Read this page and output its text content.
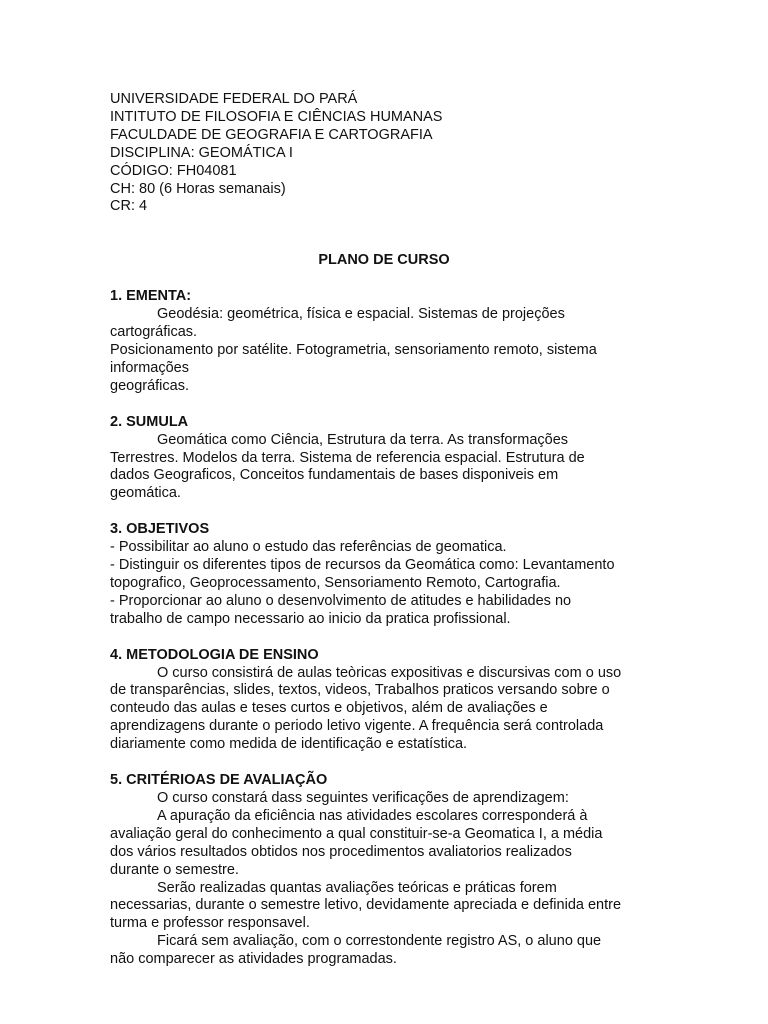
UNIVERSIDADE FEDERAL DO PARÁ
INTITUTO DE FILOSOFIA E CIÊNCIAS HUMANAS
FACULDADE DE GEOGRAFIA E CARTOGRAFIA
DISCIPLINA: GEOMÁTICA I
CÓDIGO: FH04081
CH: 80 (6 Horas semanais)
CR: 4
PLANO DE CURSO
1. EMENTA:
Geodésia: geométrica, física e espacial. Sistemas de projeções
cartográficas.
Posicionamento por satélite. Fotogrametria, sensoriamento remoto, sistema
informações
geográficas.
2. SUMULA
Geomática como Ciência, Estrutura da terra. As transformações
Terrestres. Modelos da terra. Sistema de referencia espacial. Estrutura de
dados Geograficos, Conceitos fundamentais de bases disponiveis em
geomática.
3. OBJETIVOS
- Possibilitar ao aluno o estudo das referências de geomatica.
- Distinguir os diferentes tipos de recursos da Geomática como: Levantamento
topografico, Geoprocessamento, Sensoriamento Remoto, Cartografia.
- Proporcionar ao aluno o desenvolvimento de atitudes e habilidades no
trabalho de campo necessario ao inicio da pratica profissional.
4. METODOLOGIA DE ENSINO
O curso consistirá de aulas teòricas expositivas e discursivas com o uso
de transparências, slides, textos, videos, Trabalhos praticos versando sobre o
conteudo das aulas e teses curtos e objetivos, além de avaliações e
aprendizagens durante o periodo letivo vigente. A frequência será controlada
diariamente como medida de identificação e estatística.
5. CRITÉRIOAS DE AVALIAÇÃO
O curso constará dass seguintes verificações de aprendizagem:
A apuração da eficiência nas atividades escolares corresponderá à
avaliação geral do conhecimento a qual constituir-se-a Geomatica I, a média
dos vários resultados obtidos nos procedimentos avaliatorios realizados
durante o semestre.
Serão realizadas quantas avaliações teóricas e práticas forem
necessarias, durante o semestre letivo, devidamente apreciada e definida entre
turma e professor responsavel.
Ficará sem avaliação, com o correstondente registro AS, o aluno que
não comparecer as atividades programadas.
